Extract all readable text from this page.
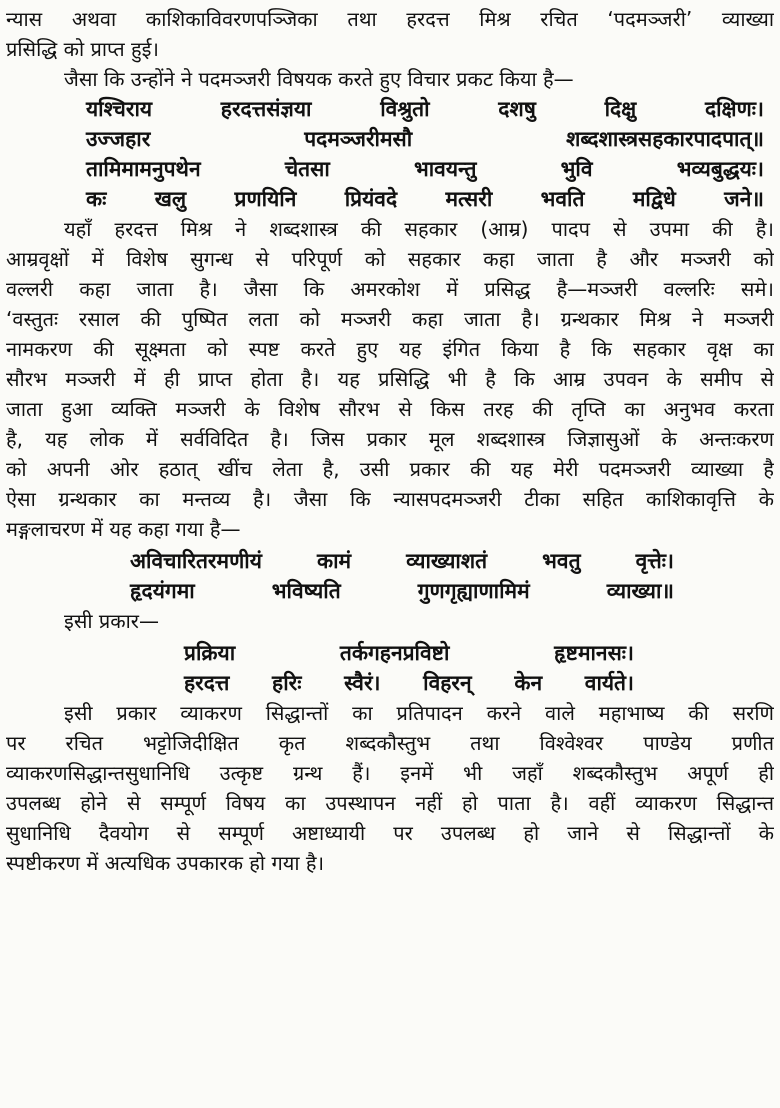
न्यास अथवा काशिकाविवरणपञ्जिका तथा हरदत्त मिश्र रचित ‘पदमञ्जरी’ व्याख्या
प्रसिद्धि को प्राप्त हुई।
जैसा कि उन्होंने ने पदमञ्जरी विषयक करते हुए विचार प्रकट किया है—
यश्चिराय हरदत्तसंज्ञया विश्रुतो दशषु दिक्षु दक्षिणः।
उज्जहार पदमञ्जरीमसौ शब्दशास्त्रसहकारपादपात्॥
तामिमामनुपथेन चेतसा भावयन्तु भुवि भव्यबुद्धयः।
कः खलु प्रणयिनि प्रियंवदे मत्सरी भवति मद्विधे जने॥
यहाँ हरदत्त मिश्र ने शब्दशास्त्र की सहकार (आम्र) पादप से उपमा की है।
आम्रवृक्षों में विशेष सुगन्ध से परिपूर्ण को सहकार कहा जाता है और मञ्जरी को
वल्लरी कहा जाता है। जैसा कि अमरकोश में प्रसिद्ध है—मञ्जरी वल्लरिः समे।
‘वस्तुतः रसाल की पुष्पित लता को मञ्जरी कहा जाता है। ग्रन्थकार मिश्र ने मञ्जरी
नामकरण की सूक्ष्मता को स्पष्ट करते हुए यह इंगित किया है कि सहकार वृक्ष का
सौरभ मञ्जरी में ही प्राप्त होता है। यह प्रसिद्धि भी है कि आम्र उपवन के समीप से
जाता हुआ व्यक्ति मञ्जरी के विशेष सौरभ से किस तरह की तृप्ति का अनुभव करता
है, यह लोक में सर्वविदित है। जिस प्रकार मूल शब्दशास्त्र जिज्ञासुओं के अन्तःकरण
को अपनी ओर हठात् खींच लेता है, उसी प्रकार की यह मेरी पदमञ्जरी व्याख्या है
ऐसा ग्रन्थकार का मन्तव्य है। जैसा कि न्यासपदमञ्जरी टीका सहित काशिकावृत्ति के
मङ्गलाचरण में यह कहा गया है—
अविचारितरमणीयं कामं व्याख्याशतं भवतु वृत्तेः।
हृदयंगमा भविष्यति गुणगृह्याणामिमं व्याख्या॥
इसी प्रकार—
प्रक्रिया तर्कगहनप्रविष्टो हृष्टमानसः।
हरदत्त हरिः स्वैरं। विहरन् केन वार्यते।
इसी प्रकार व्याकरण सिद्धान्तों का प्रतिपादन करने वाले महाभाष्य की सरणि
पर रचित भट्टोजिदीक्षित कृत शब्दकौस्तुभ तथा विश्वेश्वर पाण्डेय प्रणीत
व्याकरणसिद्धान्तसुधानिधि उत्कृष्ट ग्रन्थ हैं। इनमें भी जहाँ शब्दकौस्तुभ अपूर्ण ही
उपलब्ध होने से सम्पूर्ण विषय का उपस्थापन नहीं हो पाता है। वहीं व्याकरण सिद्धान्त
सुधानिधि दैवयोग से सम्पूर्ण अष्टाध्यायी पर उपलब्ध हो जाने से सिद्धान्तों के
स्पष्टीकरण में अत्यधिक उपकारक हो गया है।
